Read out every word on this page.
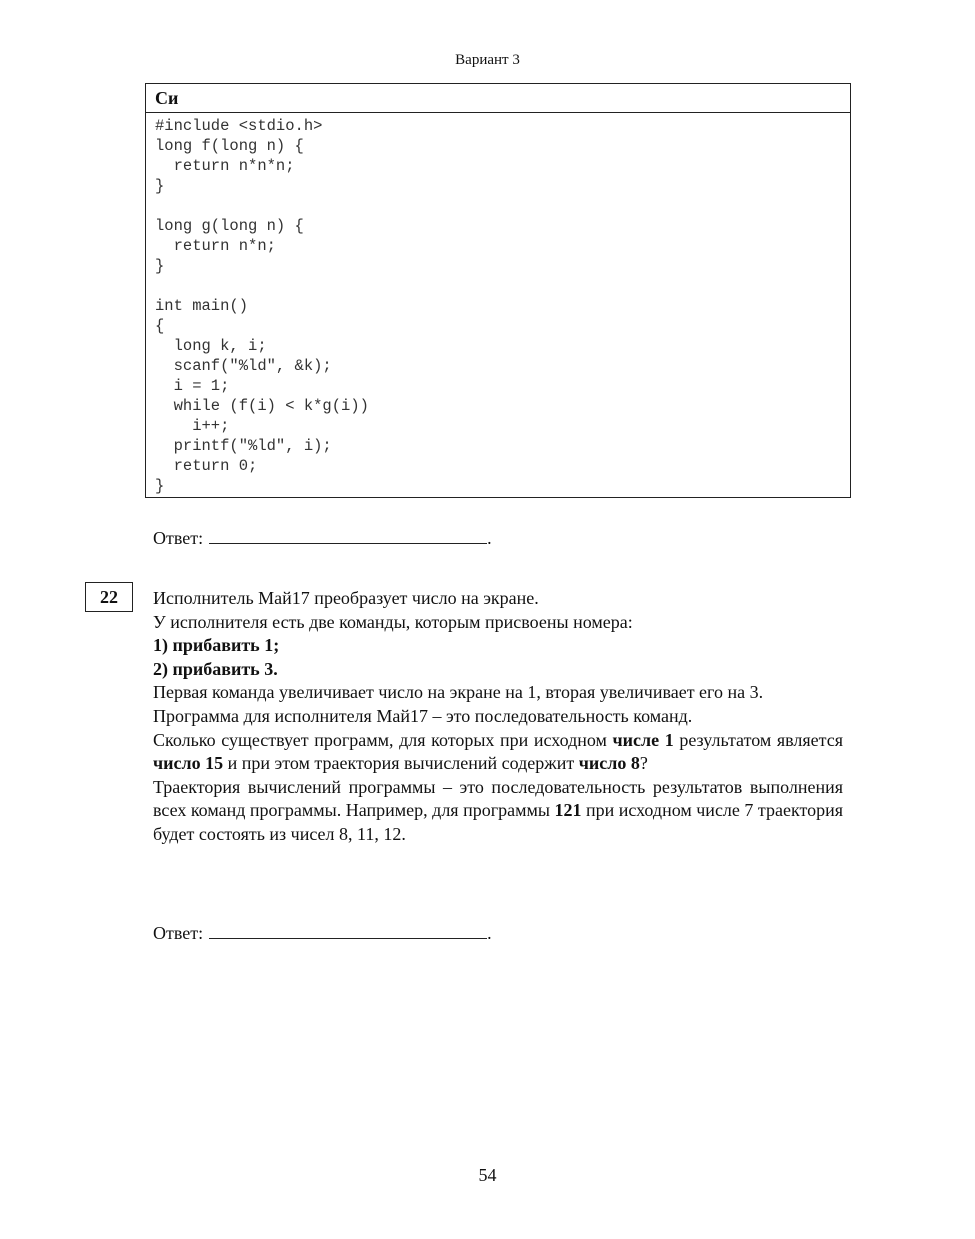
Вариант 3
Си
#include <stdio.h>
long f(long n) {
return n*n*n;
}

long g(long n) {
return n*n;
}

int main()
{
long k, i;
scanf("%ld", &k);
i = 1;
while (f(i) < k*g(i))
i++;
printf("%ld", i);
return 0;
}
Ответ:	.
22	Исполнитель Май17 преобразует число на экране.

У исполнителя есть две команды, которым присвоены номера:

1) прибавить 1;

2) прибавить 3.

Первая команда увеличивает число на экране на 1, вторая увеличивает его на 3.

Программа для исполнителя Май17 – это последовательность команд.

Сколько существует программ, для которых при исходном числе 1 результатом является число 15 и при этом траектория вычислений содержит число 8?

Траектория вычислений программы – это последовательность результатов выполнения всех команд программы. Например, для программы 121 при исходном числе 7 траектория будет состоять из чисел 8, 11, 12.

Ответ:	.
54
